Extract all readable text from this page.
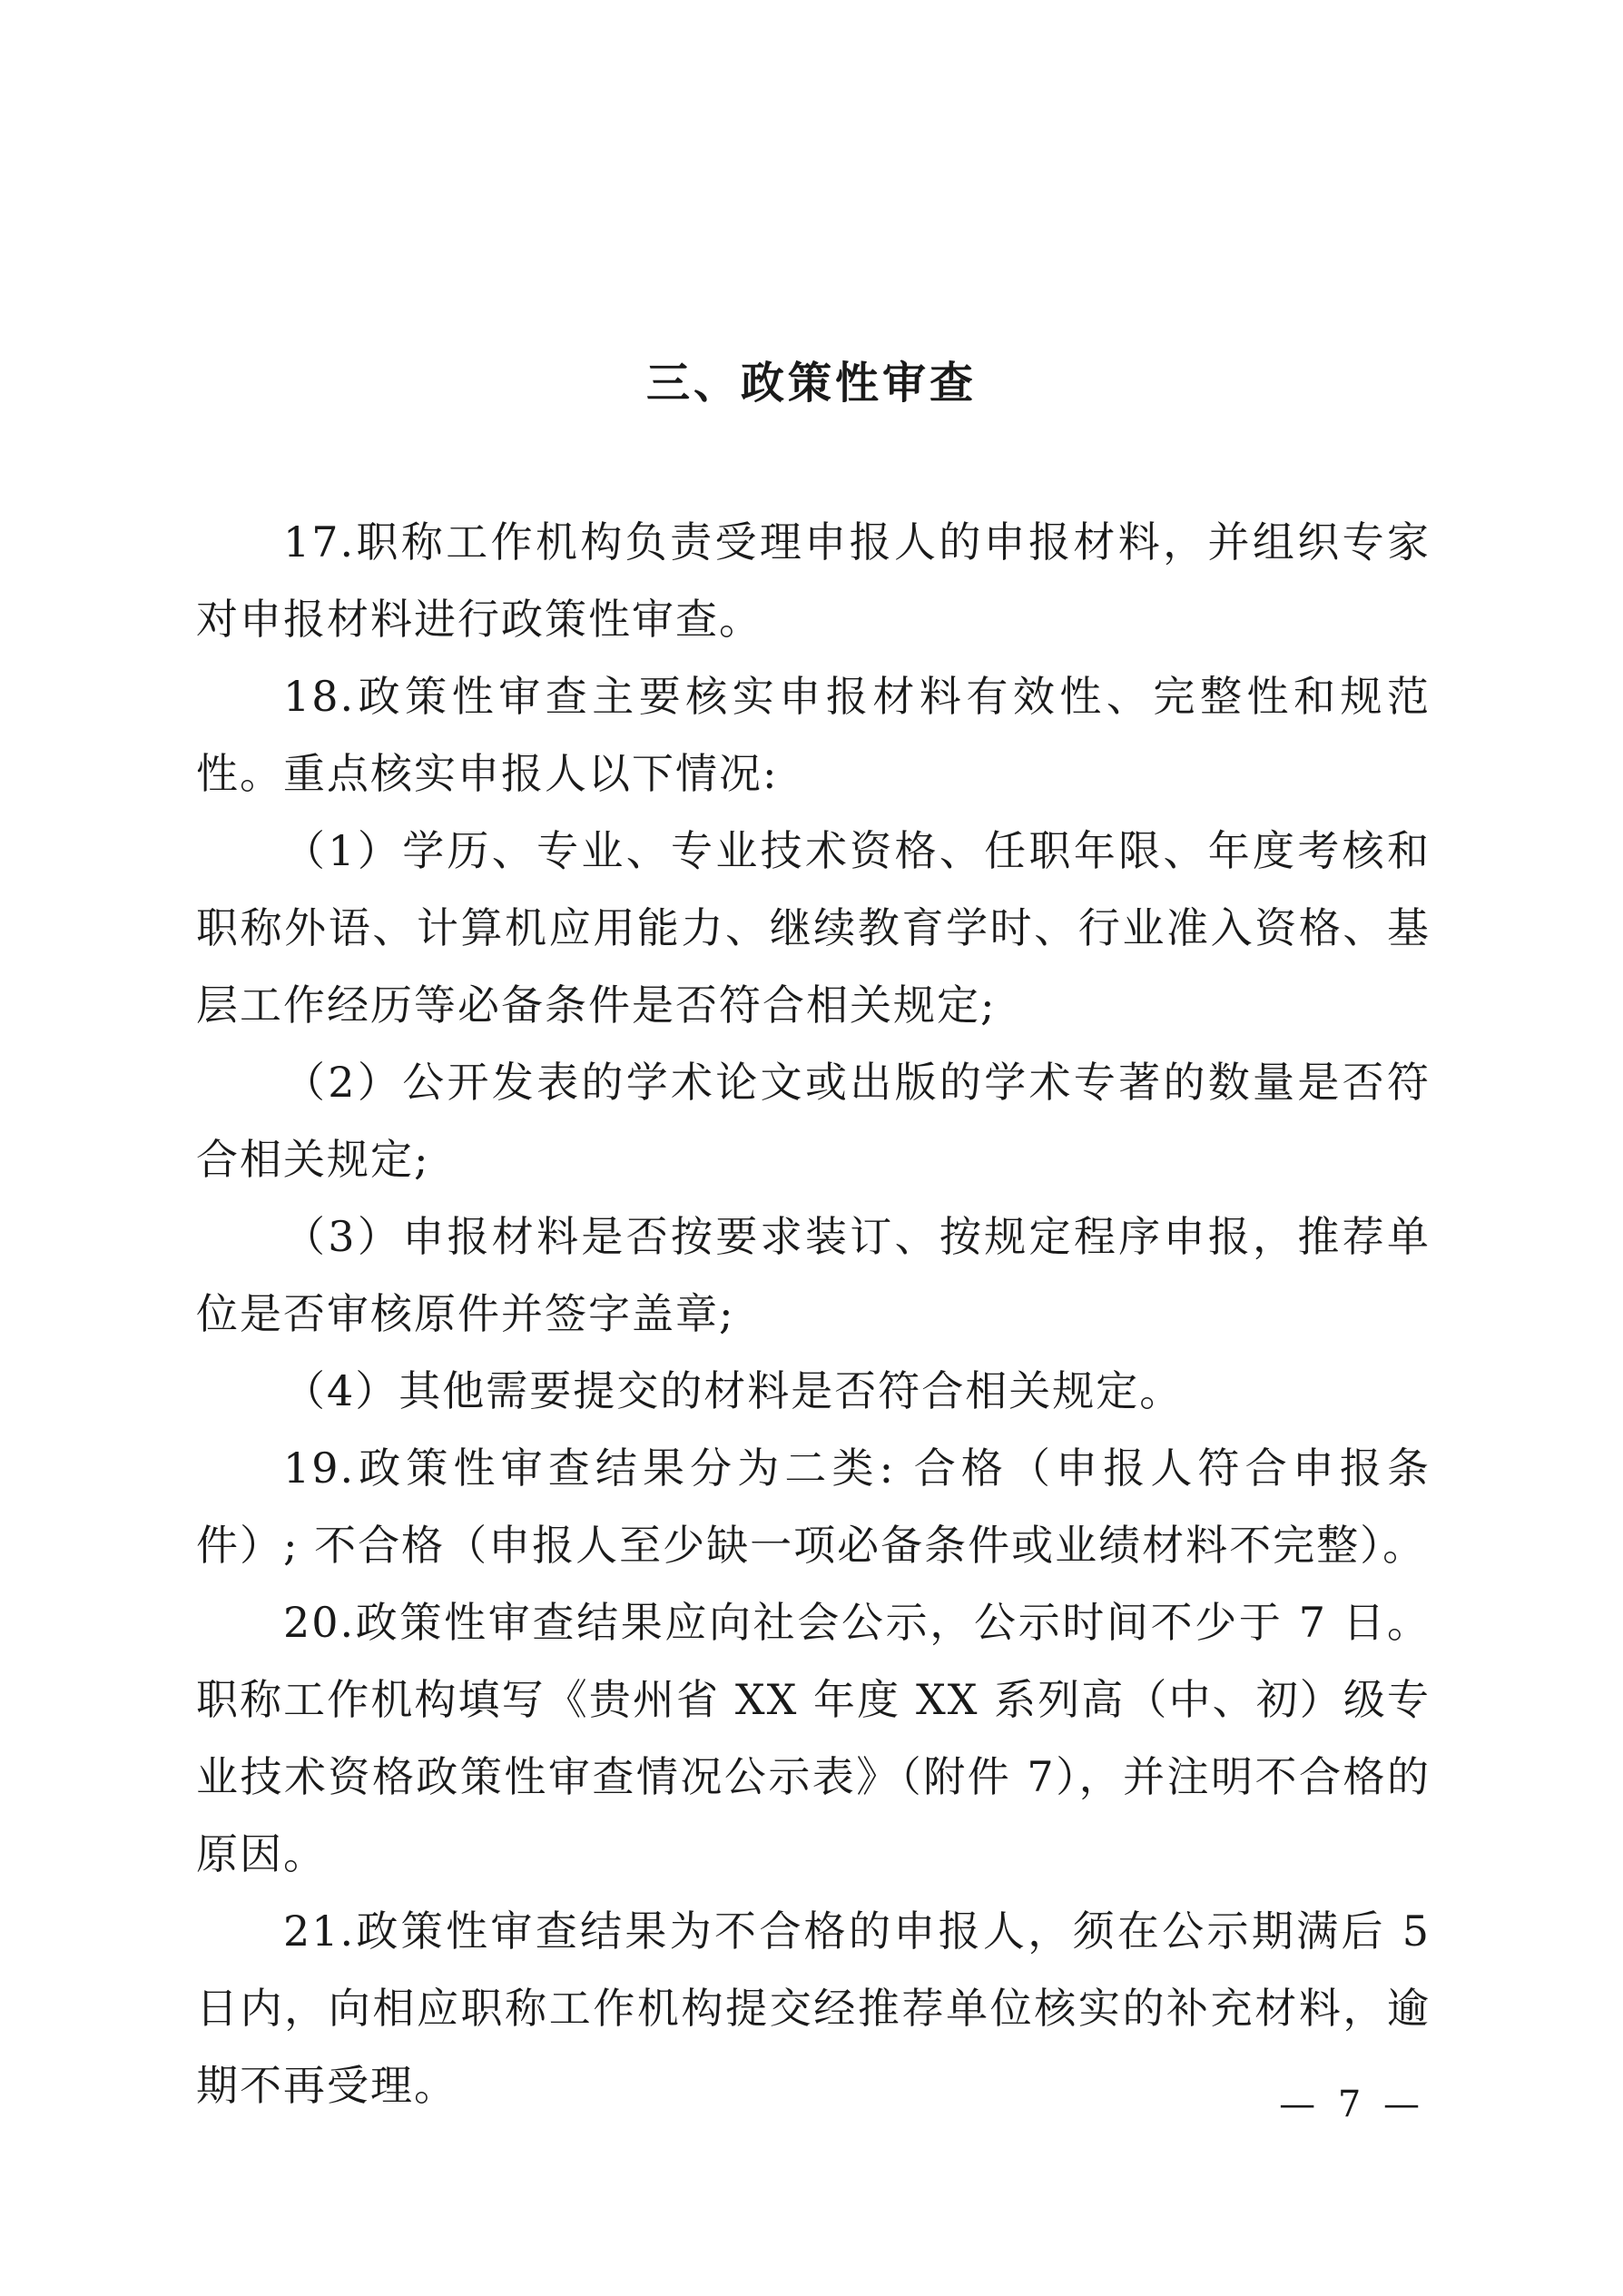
三、政策性审查

17.职称工作机构负责受理申报人的申报材料，并组织专家对申报材料进行政策性审查。

18.政策性审查主要核实申报材料有效性、完整性和规范性。重点核实申报人以下情况:

（1）学历、专业、专业技术资格、任职年限、年度考核和职称外语、计算机应用能力、继续教育学时、行业准入资格、基层工作经历等必备条件是否符合相关规定;

（2）公开发表的学术论文或出版的学术专著的数量是否符合相关规定;

（3）申报材料是否按要求装订、按规定程序申报，推荐单位是否审核原件并签字盖章;

（4）其他需要提交的材料是否符合相关规定。

19.政策性审查结果分为二类: 合格（申报人符合申报条件）; 不合格（申报人至少缺一项必备条件或业绩材料不完整）。

20.政策性审查结果应向社会公示，公示时间不少于 7 日。职称工作机构填写《贵州省 XX 年度 XX 系列高（中、初）级专业技术资格政策性审查情况公示表》（附件 7），并注明不合格的原因。

21.政策性审查结果为不合格的申报人，须在公示期满后 5 日内，向相应职称工作机构提交经推荐单位核实的补充材料，逾期不再受理。	— 7 —
